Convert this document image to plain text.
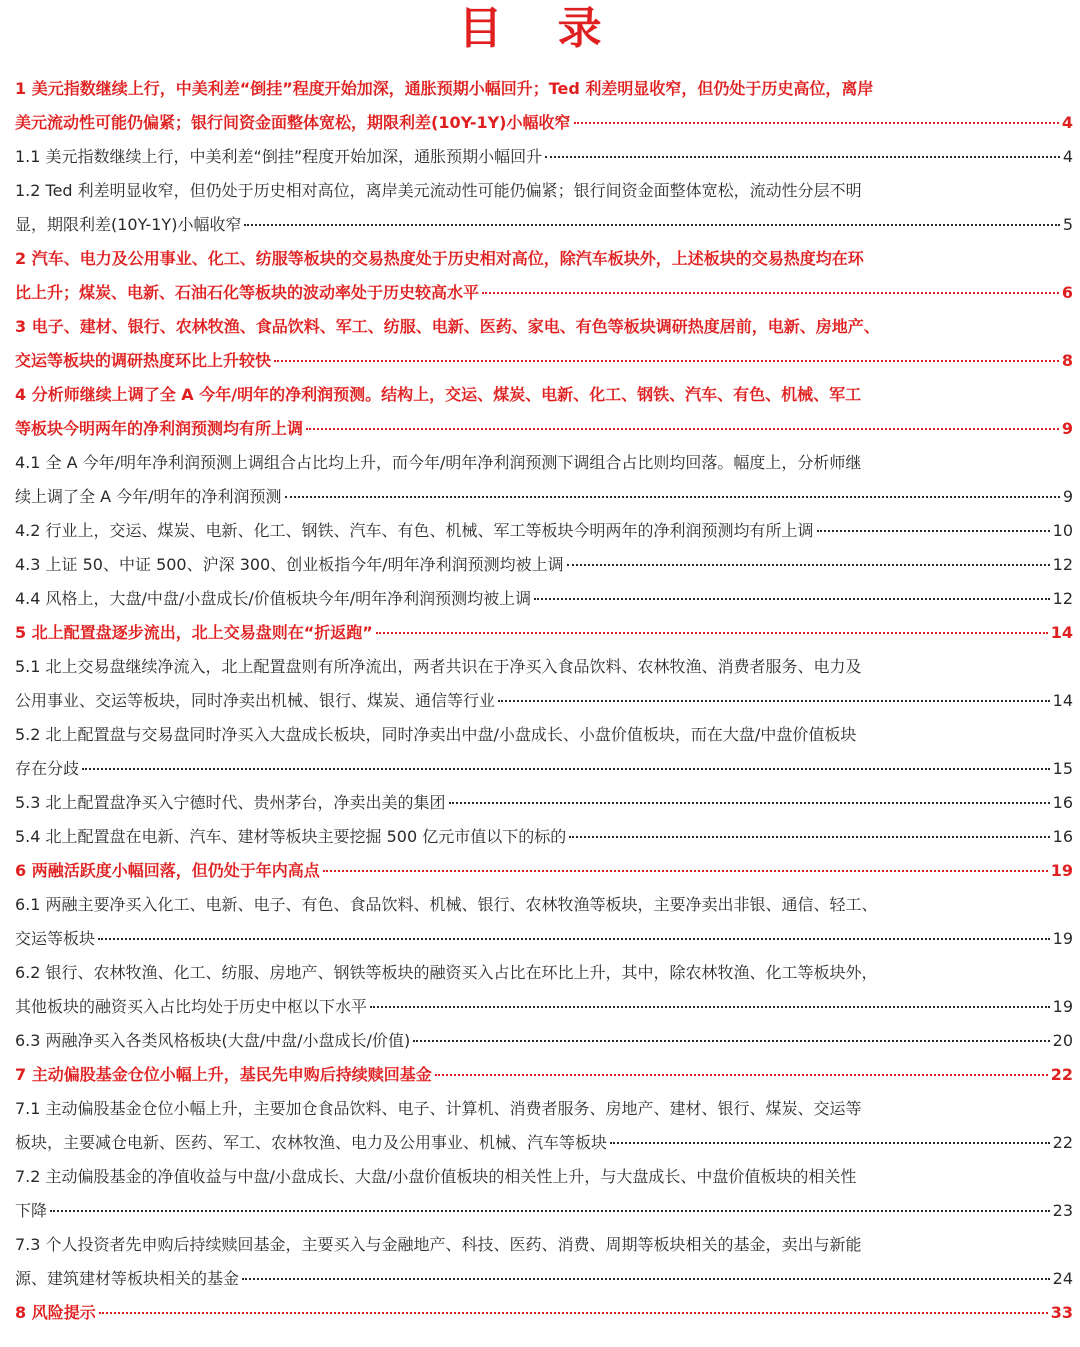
目 录
1 美元指数继续上行，中美利差“倒挂”程度开始加深，通胀预期小幅回升；Ted 利差明显收窄，但仍处于历史高位，离岸
美元流动性可能仍偏紧；银行间资金面整体宽松，期限利差(10Y-1Y)小幅收窄	4
1.1 美元指数继续上行，中美利差“倒挂”程度开始加深，通胀预期小幅回升	4
1.2 Ted 利差明显收窄，但仍处于历史相对高位，离岸美元流动性可能仍偏紧；银行间资金面整体宽松，流动性分层不明
显，期限利差(10Y-1Y)小幅收窄	5
2 汽车、电力及公用事业、化工、纺服等板块的交易热度处于历史相对高位，除汽车板块外，上述板块的交易热度均在环
比上升；煤炭、电新、石油石化等板块的波动率处于历史较高水平	6
3 电子、建材、银行、农林牧渔、食品饮料、军工、纺服、电新、医药、家电、有色等板块调研热度居前，电新、房地产、
交运等板块的调研热度环比上升较快	8
4 分析师继续上调了全 A 今年/明年的净利润预测。结构上，交运、煤炭、电新、化工、钢铁、汽车、有色、机械、军工
等板块今明两年的净利润预测均有所上调	9
4.1 全 A 今年/明年净利润预测上调组合占比均上升，而今年/明年净利润预测下调组合占比则均回落。幅度上，分析师继
续上调了全 A 今年/明年的净利润预测	9
4.2 行业上，交运、煤炭、电新、化工、钢铁、汽车、有色、机械、军工等板块今明两年的净利润预测均有所上调	10
4.3 上证 50、中证 500、沪深 300、创业板指今年/明年净利润预测均被上调	12
4.4 风格上，大盘/中盘/小盘成长/价值板块今年/明年净利润预测均被上调	12
5 北上配置盘逐步流出，北上交易盘则在“折返跑”	14
5.1 北上交易盘继续净流入，北上配置盘则有所净流出，两者共识在于净买入食品饮料、农林牧渔、消费者服务、电力及
公用事业、交运等板块，同时净卖出机械、银行、煤炭、通信等行业	14
5.2 北上配置盘与交易盘同时净买入大盘成长板块，同时净卖出中盘/小盘成长、小盘价值板块，而在大盘/中盘价值板块
存在分歧	15
5.3 北上配置盘净买入宁德时代、贵州茅台，净卖出美的集团	16
5.4 北上配置盘在电新、汽车、建材等板块主要挖掘 500 亿元市值以下的标的	16
6 两融活跃度小幅回落，但仍处于年内高点	19
6.1 两融主要净买入化工、电新、电子、有色、食品饮料、机械、银行、农林牧渔等板块，主要净卖出非银、通信、轻工、
交运等板块	19
6.2 银行、农林牧渔、化工、纺服、房地产、钢铁等板块的融资买入占比在环比上升，其中，除农林牧渔、化工等板块外，
其他板块的融资买入占比均处于历史中枢以下水平	19
6.3 两融净买入各类风格板块(大盘/中盘/小盘成长/价值)	20
7 主动偏股基金仓位小幅上升，基民先申购后持续赎回基金	22
7.1 主动偏股基金仓位小幅上升，主要加仓食品饮料、电子、计算机、消费者服务、房地产、建材、银行、煤炭、交运等
板块，主要减仓电新、医药、军工、农林牧渔、电力及公用事业、机械、汽车等板块	22
7.2 主动偏股基金的净值收益与中盘/小盘成长、大盘/小盘价值板块的相关性上升，与大盘成长、中盘价值板块的相关性
下降	23
7.3 个人投资者先申购后持续赎回基金，主要买入与金融地产、科技、医药、消费、周期等板块相关的基金，卖出与新能
源、建筑建材等板块相关的基金	24
8 风险提示	33
